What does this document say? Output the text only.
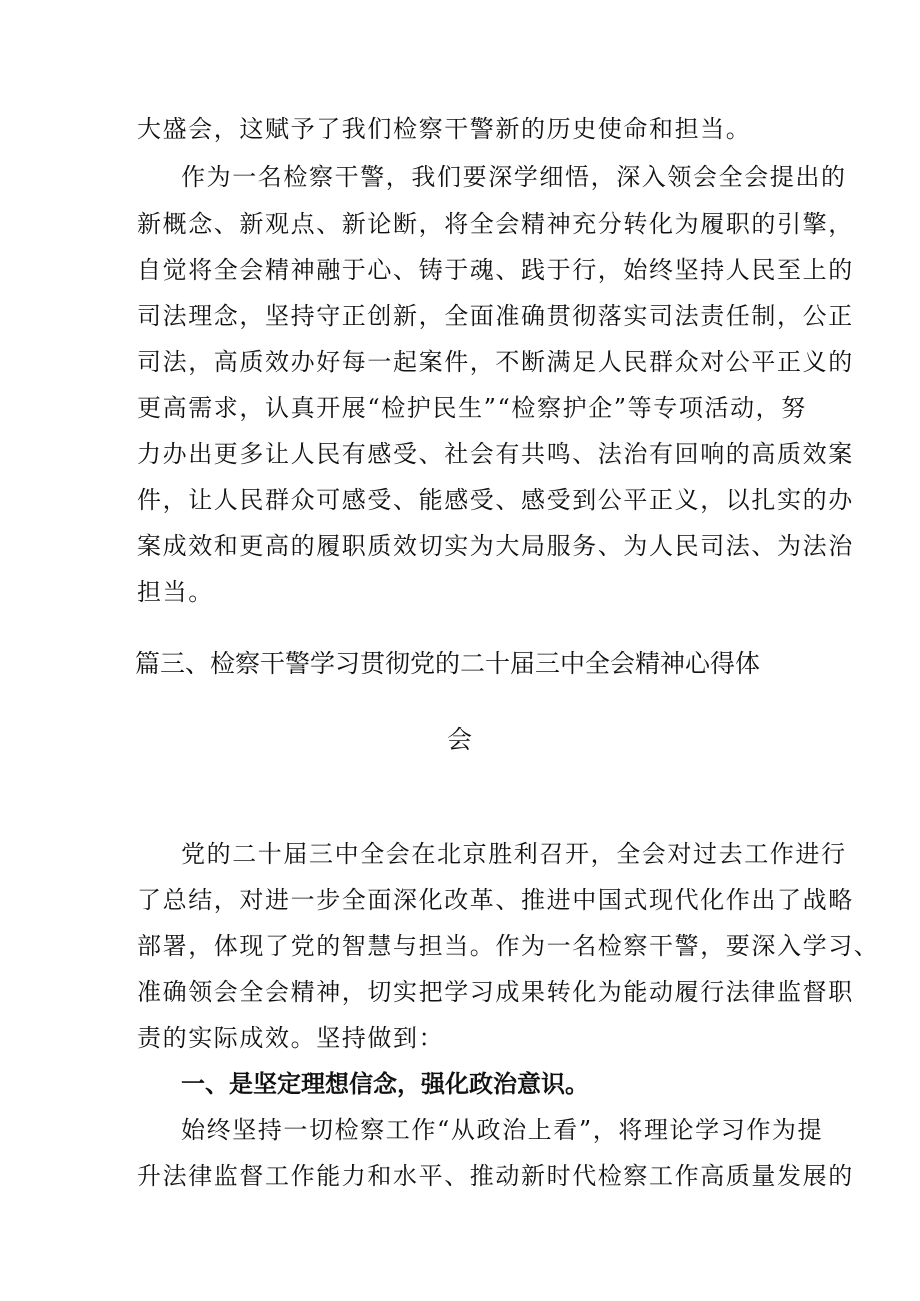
大盛会，这赋予了我们检察干警新的历史使命和担当。
作为一名检察干警，我们要深学细悟，深入领会全会提出的
新概念、新观点、新论断，将全会精神充分转化为履职的引擎，
自觉将全会精神融于心、铸于魂、践于行，始终坚持人民至上的
司法理念，坚持守正创新，全面准确贯彻落实司法责任制，公正
司法，高质效办好每一起案件，不断满足人民群众对公平正义的
更高需求，认真开展“检护民生”“检察护企”等专项活动，努
力办出更多让人民有感受、社会有共鸣、法治有回响的高质效案
件，让人民群众可感受、能感受、感受到公平正义，以扎实的办
案成效和更高的履职质效切实为大局服务、为人民司法、为法治
担当。
篇三、检察干警学习贯彻党的二十届三中全会精神心得体
会
党的二十届三中全会在北京胜利召开，全会对过去工作进行
了总结，对进一步全面深化改革、推进中国式现代化作出了战略
部署，体现了党的智慧与担当。作为一名检察干警，要深入学习、
准确领会全会精神，切实把学习成果转化为能动履行法律监督职
责的实际成效。坚持做到：
一、是坚定理想信念，强化政治意识。
始终坚持一切检察工作“从政治上看”，将理论学习作为提
升法律监督工作能力和水平、推动新时代检察工作高质量发展的
